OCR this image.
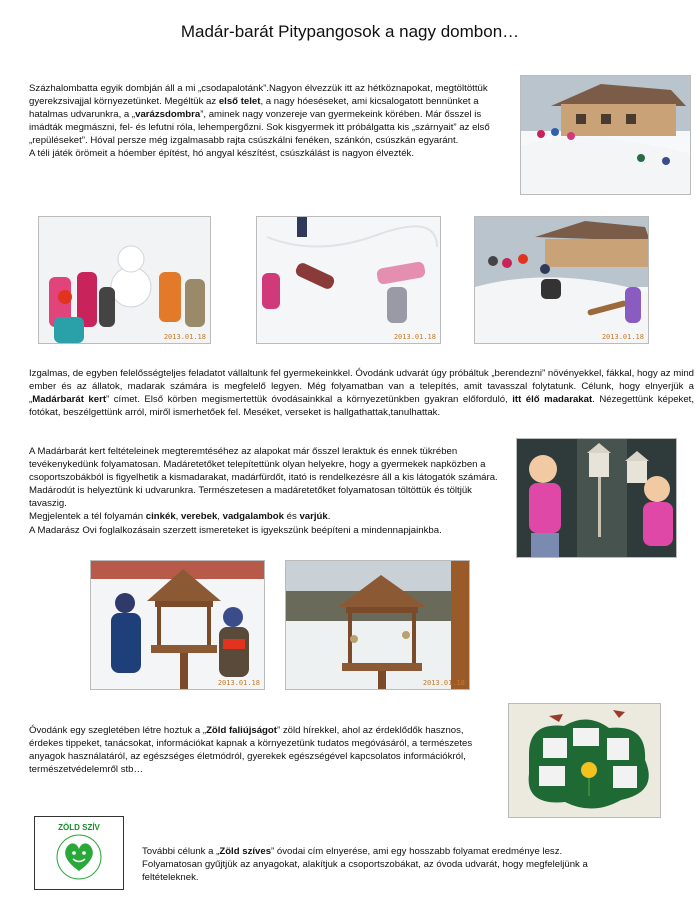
Madár-barát Pitypangosok a nagy dombon…

Százhalombatta egyik dombján áll a mi „csodapalotánk”.Nagyon élvezzük itt az hétköznapokat, megtöltöttük gyerekzsivajjal környezetünket. Megéltük az első telet, a nagy hóeséseket, ami kicsalogatott bennünket a hatalmas udvarunkra, a „varázsdombra”, aminek nagy vonzereje van gyermekeink körében. Már ősszel is imádták megmászni, fel- és lefutni róla, lehempergőzni. Sok kisgyermek itt próbálgatta kis „szárnyait” az első „repüléseket”. Hóval persze még izgalmasabb rajta csúszkálni fenéken, szánkón, csúszkán egyaránt.

A téli játék örömeit a hóember építést, hó angyal készítést, csúszkálást is nagyon élvezték.

2013.01.18	2013.01.18	2013.01.18

Izgalmas, de egyben felelősségteljes feladatot vállaltunk fel gyermekeinkkel. Óvodánk udvarát úgy próbáltuk „berendezni” növényekkel, fákkal, hogy az mind ember és az állatok, madarak számára is megfelelő legyen. Még folyamatban van a telepítés, amit tavasszal folytatunk. Célunk, hogy elnyerjük a „Madárbarát kert” címet. Első körben megismertettük óvodásainkkal a környezetünkben gyakran előforduló, itt élő madarakat. Nézegettünk képeket, fotókat, beszélgettünk arról, miről ismerhetőek fel. Meséket, verseket is hallgathattak,tanulhattak.

A Madárbarát kert feltételeinek megteremtéséhez az alapokat már ősszel leraktuk és ennek tükrében tevékenykedünk folyamatosan. Madáretetőket telepítettünk olyan helyekre, hogy a gyermekek napközben a csoportszobákból is figyelhetik a kismadarakat, madárfürdőt, itató is rendelkezésre áll a kis látogatók számára. Madárodút is helyeztünk ki udvarunkra. Természetesen a madáretetőket folyamatosan töltöttük és töltjük tavaszig.

Megjelentek a tél folyamán cinkék, verebek, vadgalambok és varjúk.

A Madarász Ovi foglalkozásain szerzett ismereteket is igyekszünk beépíteni a mindennapjainkba.

2013.01.18	2013.01.18

Óvodánk egy szegletében létre hoztuk a „Zöld faliújságot” zöld hírekkel, ahol az érdeklődők hasznos, érdekes tippeket, tanácsokat, információkat kapnak a környezetünk tudatos megóvásáról, a természetes anyagok használatáról, az egészséges életmódról, gyerekek egészségével kapcsolatos információkról, természetvédelemről stb…

ZÖLD SZÍV

További célunk a „Zöld szíves” óvodai cím elnyerése, ami egy hosszabb folyamat eredménye lesz.

Folyamatosan gyűjtjük az anyagokat, alakítjuk a csoportszobákat, az óvoda udvarát, hogy megfeleljünk a feltételeknek.
